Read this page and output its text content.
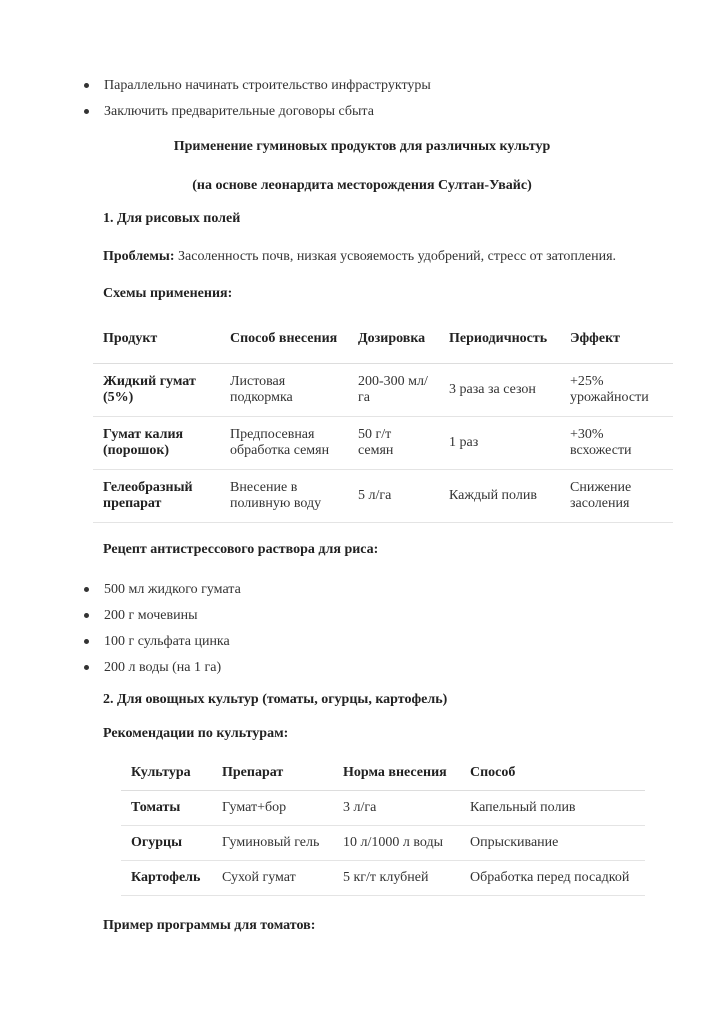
Параллельно начинать строительство инфраструктуры
Заключить предварительные договоры сбыта
Применение гуминовых продуктов для различных культур
(на основе леонардита месторождения Султан-Увайс)
1. Для рисовых полей
Проблемы: Засоленность почв, низкая усвояемость удобрений, стресс от затопления.
Схемы применения:
Продукт	Способ внесения	Дозировка	Периодичность	Эффект
Жидкий гумат (5%)	Листовая подкормка	200-300 мл/га	3 раза за сезон	+25% урожайности
Гумат калия (порошок)	Предпосевная обработка семян	50 г/т семян	1 раз	+30% всхожести
Гелеобразный препарат	Внесение в поливную воду	5 л/га	Каждый полив	Снижение засоления
Рецепт антистрессового раствора для риса:
500 мл жидкого гумата
200 г мочевины
100 г сульфата цинка
200 л воды (на 1 га)
2. Для овощных культур (томаты, огурцы, картофель)
Рекомендации по культурам:
Культура	Препарат	Норма внесения	Способ
Томаты	Гумат+бор	3 л/га	Капельный полив
Огурцы	Гуминовый гель	10 л/1000 л воды	Опрыскивание
Картофель	Сухой гумат	5 кг/т клубней	Обработка перед посадкой
Пример программы для томатов:
